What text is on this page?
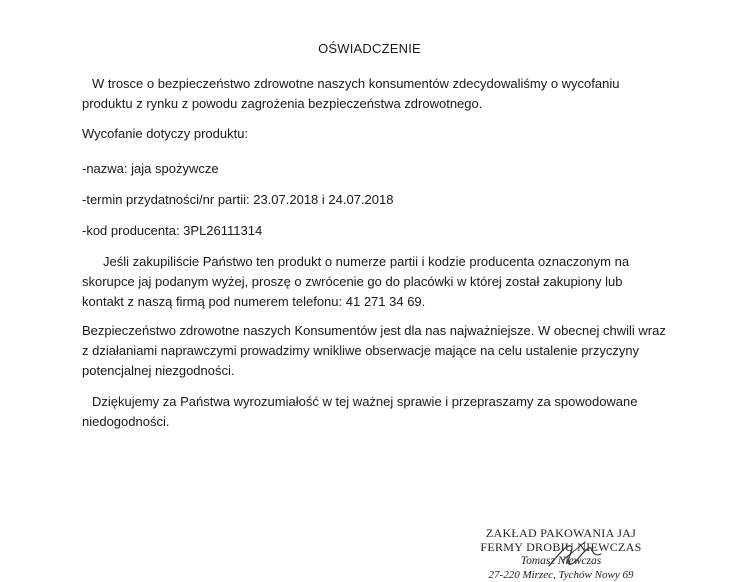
OŚWIADCZENIE
W trosce o bezpieczeństwo zdrowotne naszych konsumentów zdecydowaliśmy o wycofaniu
produktu z rynku z powodu zagrożenia bezpieczeństwa zdrowotnego.
Wycofanie dotyczy produktu:
-nazwa: jaja spożywcze
-termin przydatności/nr partii: 23.07.2018 i 24.07.2018
-kod producenta: 3PL26111314
Jeśli zakupiliście Państwo ten produkt o numerze partii i kodzie producenta oznaczonym na
skorupce jaj podanym wyżej, proszę o zwrócenie go do placówki w której został zakupiony lub
kontakt z naszą firmą pod numerem telefonu: 41 271 34 69.
Bezpieczeństwo zdrowotne naszych Konsumentów jest dla nas najważniejsze. W obecnej chwili wraz
z działaniami naprawczymi prowadzimy wnikliwe obserwacje mające na celu ustalenie przyczyny
potencjalnej niezgodności.
Dziękujemy za Państwa wyrozumiałość w tej ważnej sprawie i przepraszamy za spowodowane
niedogodności.
ZAKŁAD PAKOWANIA JAJ
FERMY DROBIU NIEWCZAS
Tomasz Niewczas
27-220 Mirzec, Tychów Nowy 69
